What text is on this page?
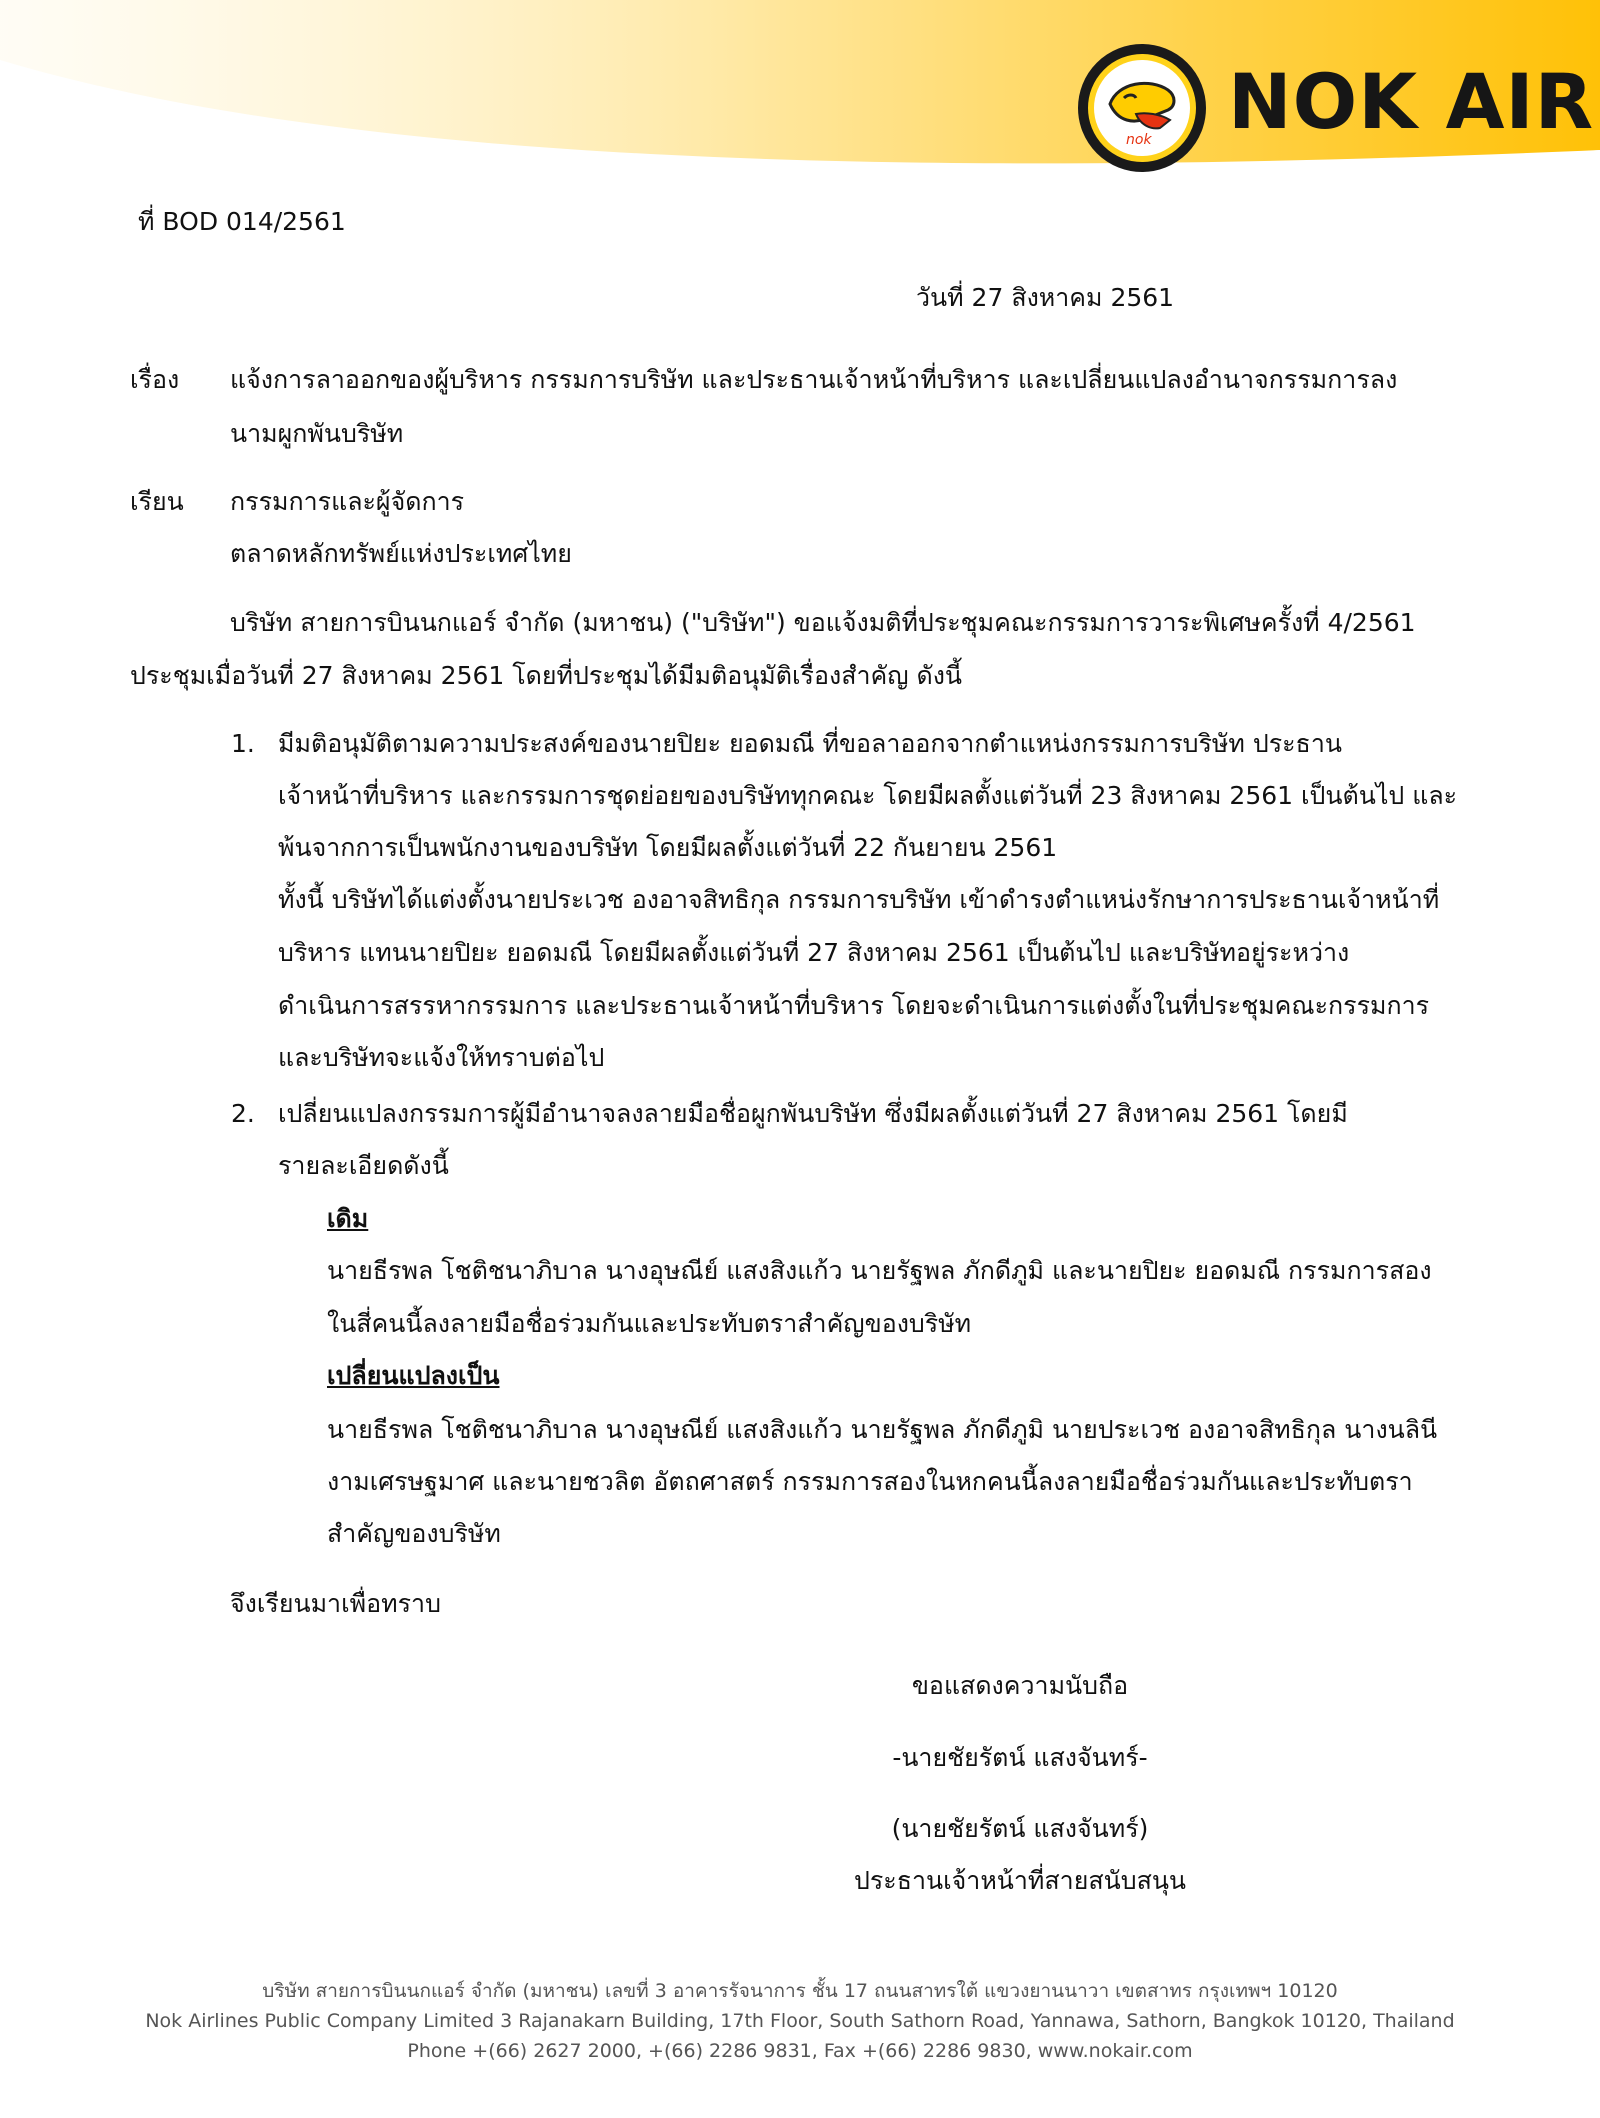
nok NOK AIR
ที่ BOD 014/2561
วันที่ 27 สิงหาคม 2561
เรื่อง แจ้งการลาออกของผู้บริหาร กรรมการบริษัท และประธานเจ้าหน้าที่บริหาร และเปลี่ยนแปลงอำนาจกรรมการลง
นามผูกพันบริษัท
เรียน กรรมการและผู้จัดการ
ตลาดหลักทรัพย์แห่งประเทศไทย
บริษัท สายการบินนกแอร์ จำกัด (มหาชน) ("บริษัท") ขอแจ้งมติที่ประชุมคณะกรรมการวาระพิเศษครั้งที่ 4/2561
ประชุมเมื่อวันที่ 27 สิงหาคม 2561 โดยที่ประชุมได้มีมติอนุมัติเรื่องสำคัญ ดังนี้
1. มีมติอนุมัติตามความประสงค์ของนายปิยะ ยอดมณี ที่ขอลาออกจากตำแหน่งกรรมการบริษัท ประธาน
เจ้าหน้าที่บริหาร และกรรมการชุดย่อยของบริษัททุกคณะ โดยมีผลตั้งแต่วันที่ 23 สิงหาคม 2561 เป็นต้นไป และ
พ้นจากการเป็นพนักงานของบริษัท โดยมีผลตั้งแต่วันที่ 22 กันยายน 2561
ทั้งนี้ บริษัทได้แต่งตั้งนายประเวช องอาจสิทธิกุล กรรมการบริษัท เข้าดำรงตำแหน่งรักษาการประธานเจ้าหน้าที่
บริหาร แทนนายปิยะ ยอดมณี โดยมีผลตั้งแต่วันที่ 27 สิงหาคม 2561 เป็นต้นไป และบริษัทอยู่ระหว่าง
ดำเนินการสรรหากรรมการ และประธานเจ้าหน้าที่บริหาร โดยจะดำเนินการแต่งตั้งในที่ประชุมคณะกรรมการ
และบริษัทจะแจ้งให้ทราบต่อไป
2. เปลี่ยนแปลงกรรมการผู้มีอำนาจลงลายมือชื่อผูกพันบริษัท ซึ่งมีผลตั้งแต่วันที่ 27 สิงหาคม 2561 โดยมี
รายละเอียดดังนี้
เดิม
นายธีรพล โชติชนาภิบาล นางอุษณีย์ แสงสิงแก้ว นายรัฐพล ภักดีภูมิ และนายปิยะ ยอดมณี กรรมการสอง
ในสี่คนนี้ลงลายมือชื่อร่วมกันและประทับตราสำคัญของบริษัท
เปลี่ยนแปลงเป็น
นายธีรพล โชติชนาภิบาล นางอุษณีย์ แสงสิงแก้ว นายรัฐพล ภักดีภูมิ นายประเวช องอาจสิทธิกุล นางนลินี
งามเศรษฐมาศ และนายชวลิต อัตถศาสตร์ กรรมการสองในหกคนนี้ลงลายมือชื่อร่วมกันและประทับตรา
สำคัญของบริษัท
จึงเรียนมาเพื่อทราบ
ขอแสดงความนับถือ
-นายชัยรัตน์ แสงจันทร์-
(นายชัยรัตน์ แสงจันทร์)
ประธานเจ้าหน้าที่สายสนับสนุน
บริษัท สายการบินนกแอร์ จำกัด (มหาชน) เลขที่ 3 อาคารรัจนาการ ชั้น 17 ถนนสาทรใต้ แขวงยานนาวา เขตสาทร กรุงเทพฯ 10120
Nok Airlines Public Company Limited 3 Rajanakarn Building, 17th Floor, South Sathorn Road, Yannawa, Sathorn, Bangkok 10120, Thailand
Phone +(66) 2627 2000, +(66) 2286 9831, Fax +(66) 2286 9830, www.nokair.com
